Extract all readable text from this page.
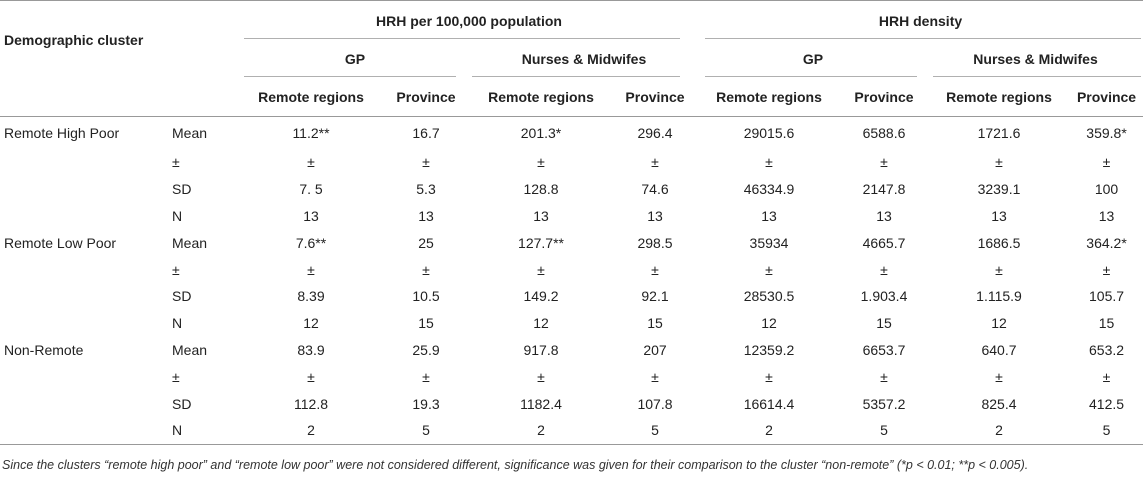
Demographic cluster		HRH per 100,000 population				HRH density			
		GP		Nurses & Midwifes		GP		Nurses & Midwifes	
		Remote regions	Province	Remote regions	Province	Remote regions	Province	Remote regions	Province
Remote High Poor	Mean	11.2**	16.7	201.3*	296.4	29015.6	6588.6	1721.6	359.8*
	±	±	±	±	±	±	±	±	±
	SD	7. 5	5.3	128.8	74.6	46334.9	2147.8	3239.1	100
	N	13	13	13	13	13	13	13	13
Remote Low Poor	Mean	7.6**	25	127.7**	298.5	35934	4665.7	1686.5	364.2*
	±	±	±	±	±	±	±	±	±
	SD	8.39	10.5	149.2	92.1	28530.5	1.903.4	1.115.9	105.7
	N	12	15	12	15	12	15	12	15
Non-Remote	Mean	83.9	25.9	917.8	207	12359.2	6653.7	640.7	653.2
	±	±	±	±	±	±	±	±	±
	SD	112.8	19.3	1182.4	107.8	16614.4	5357.2	825.4	412.5
	N	2	5	2	5	2	5	2	5
Since the clusters “remote high poor” and “remote low poor” were not considered different, significance was given for their comparison to the cluster “non-remote” (*p < 0.01; **p < 0.005).
